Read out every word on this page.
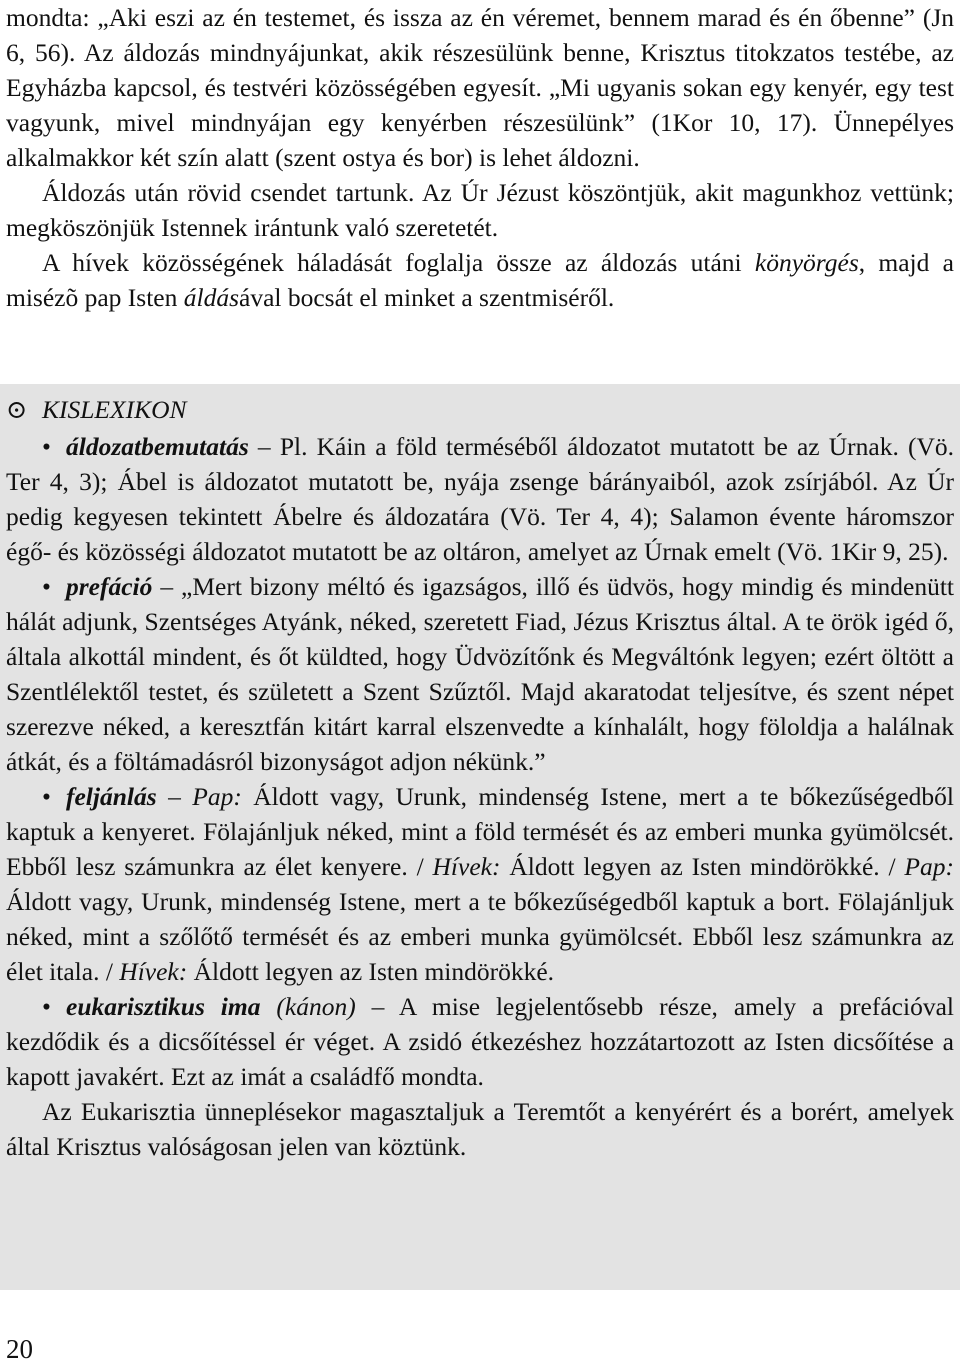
mondta: „Aki eszi az én testemet, és issza az én véremet, bennem marad és én őbenne” (Jn 6, 56). Az áldozás mindnyájunkat, akik részesülünk benne, Krisztus titokzatos testébe, az Egyházba kapcsol, és testvéri közösségében egyesít. „Mi ugyanis sokan egy kenyér, egy test vagyunk, mivel mindnyájan egy kenyérben részesülünk” (1Kor 10, 17). Ünnepélyes alkalmakkor két szín alatt (szent ostya és bor) is lehet áldozni.

Áldozás után rövid csendet tartunk. Az Úr Jézust köszöntjük, akit magunkhoz vettünk; megköszönjük Istennek irántunk való szeretetét.

A hívek közösségének háladását foglalja össze az áldozás utáni könyörgés, majd a misézõ pap Isten áldásával bocsát el minket a szentmiséről.

⊙ KISLEXIKON

• áldozatbemutatás – Pl. Káin a föld terméséből áldozatot mutatott be az Úrnak. (Vö. Ter 4, 3); Ábel is áldozatot mutatott be, nyája zsenge bárányaiból, azok zsírjából. Az Úr pedig kegyesen tekintett Ábelre és áldozatára (Vö. Ter 4, 4); Salamon évente háromszor égő- és közösségi áldozatot mutatott be az oltáron, amelyet az Úrnak emelt (Vö. 1Kir 9, 25).

• prefáció – „Mert bizony méltó és igazságos, illő és üdvös, hogy mindig és mindenütt hálát adjunk, Szentséges Atyánk, néked, szeretett Fiad, Jézus Krisztus által. A te örök igéd ő, általa alkottál mindent, és őt küldted, hogy Üdvözítőnk és Megváltónk legyen; ezért öltött a Szentlélektől testet, és született a Szent Szűztől. Majd akaratodat teljesítve, és szent népet szerezve néked, a keresztfán kitárt karral elszenvedte a kínhalált, hogy föloldja a halálnak átkát, és a föltámadásról bizonyságot adjon nékünk.”

• feljánlás – Pap: Áldott vagy, Urunk, mindenség Istene, mert a te bőkezűségedből kaptuk a kenyeret. Fölajánljuk néked, mint a föld termését és az emberi munka gyümölcsét. Ebből lesz számunkra az élet kenyere. / Hívek: Áldott legyen az Isten mindörökké. / Pap: Áldott vagy, Urunk, mindenség Istene, mert a te bőkezűségedből kaptuk a bort. Fölajánljuk néked, mint a szőlőtő termését és az emberi munka gyümölcsét. Ebből lesz számunkra az élet itala. / Hívek: Áldott legyen az Isten mindörökké.

• eukarisztikus ima (kánon) – A mise legjelentősebb része, amely a prefációval kezdődik és a dicsőítéssel ér véget. A zsidó étkezéshez hozzátartozott az Isten dicsőítése a kapott javakért. Ezt az imát a családfő mondta.

Az Eukarisztia ünneplésekor magasztaljuk a Teremtőt a kenyérért és a borért, amelyek által Krisztus valóságosan jelen van köztünk.

20
